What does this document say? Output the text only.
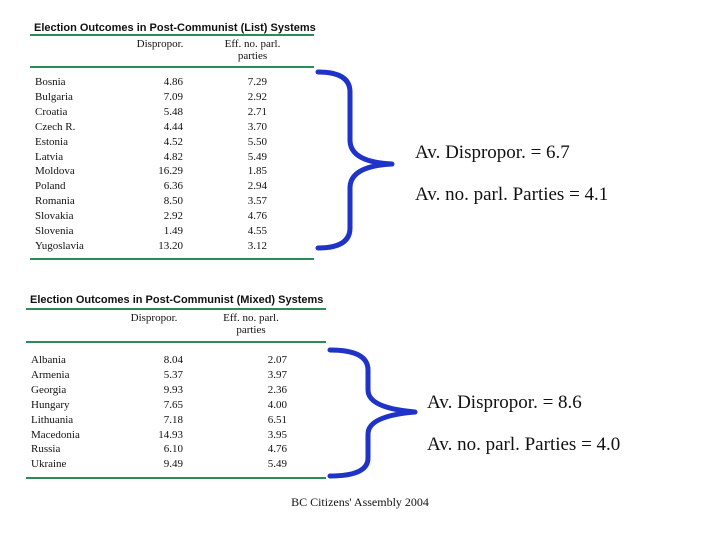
Election Outcomes in Post-Communist (List) Systems
Dispropor.	Eff. no. parl.
parties
Bosnia	4.86	7.29
Bulgaria	7.09	2.92
Croatia	5.48	2.71
Czech R.	4.44	3.70
Estonia	4.52	5.50
Latvia	4.82	5.49
Moldova	16.29	1.85
Poland	6.36	2.94
Romania	8.50	3.57
Slovakia	2.92	4.76
Slovenia	1.49	4.55
Yugoslavia	13.20	3.12
Election Outcomes in Post-Communist (Mixed) Systems
Dispropor.	Eff. no. parl.
parties
Albania	8.04	2.07
Armenia	5.37	3.97
Georgia	9.93	2.36
Hungary	7.65	4.00
Lithuania	7.18	6.51
Macedonia	14.93	3.95
Russia	6.10	4.76
Ukraine	9.49	5.49
Av. Dispropor. = 6.7
Av. no. parl. Parties = 4.1
Av. Dispropor. = 8.6
Av. no. parl. Parties = 4.0
BC Citizens' Assembly 2004
